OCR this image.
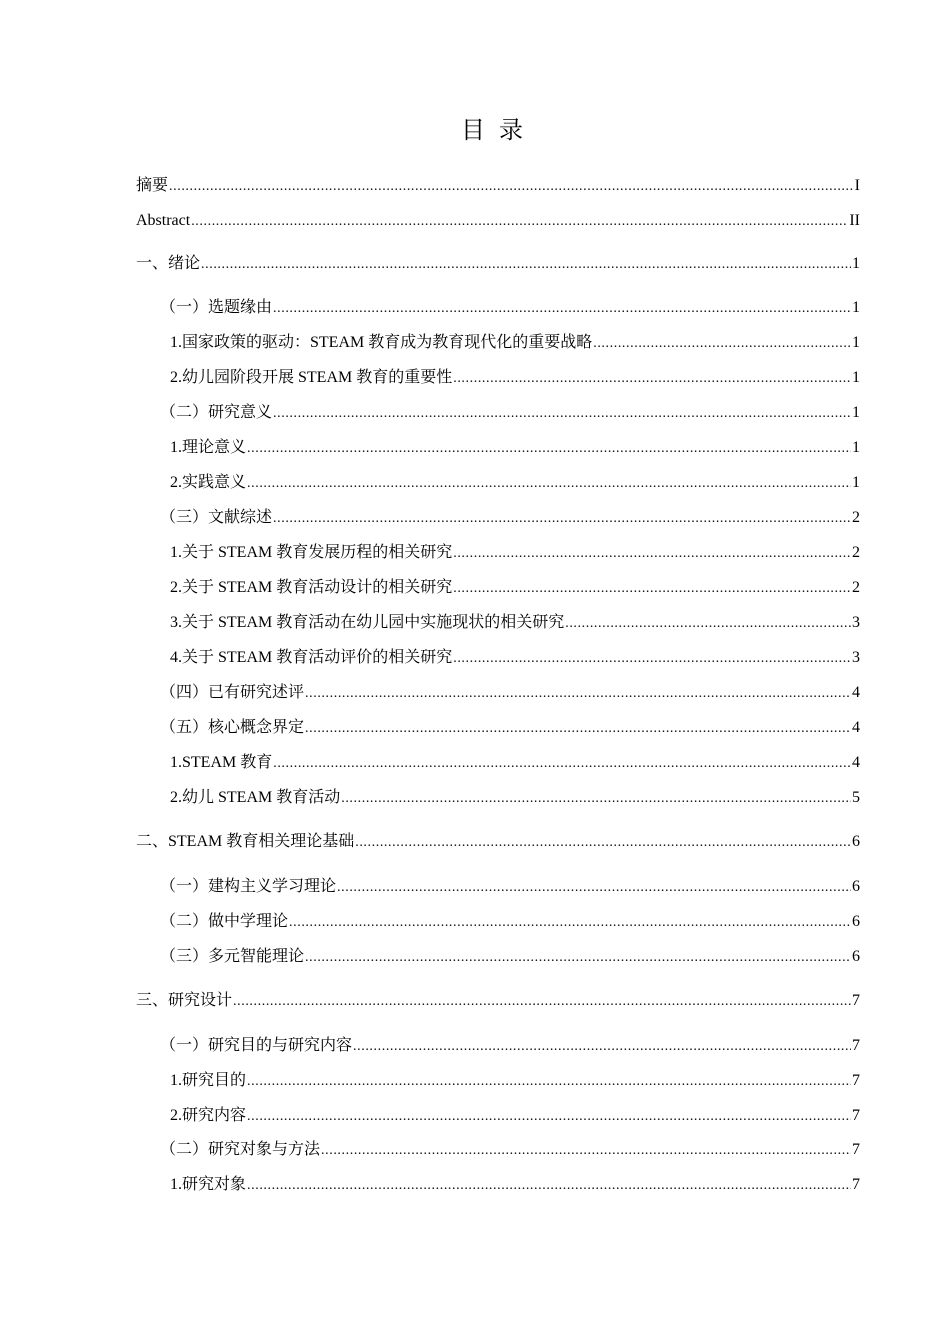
目录
摘要 .....	I
Abstract .....	II
一、绪论 .....	1
（一）选题缘由 .....	1
1.国家政策的驱动：STEAM 教育成为教育现代化的重要战略 .....	1
2.幼儿园阶段开展 STEAM 教育的重要性 .....	1
（二）研究意义 .....	1
1.理论意义 .....	1
2.实践意义 .....	1
（三）文献综述 .....	2
1.关于 STEAM 教育发展历程的相关研究 .....	2
2.关于 STEAM 教育活动设计的相关研究 .....	2
3.关于 STEAM 教育活动在幼儿园中实施现状的相关研究 .....	3
4.关于 STEAM 教育活动评价的相关研究 .....	3
（四）已有研究述评 .....	4
（五）核心概念界定 .....	4
1.STEAM 教育 .....	4
2.幼儿 STEAM 教育活动 .....	5
二、STEAM 教育相关理论基础 .....	6
（一）建构主义学习理论 .....	6
（二）做中学理论 .....	6
（三）多元智能理论 .....	6
三、研究设计 .....	7
（一）研究目的与研究内容 .....	7
1.研究目的 .....	7
2.研究内容 .....	7
（二）研究对象与方法 .....	7
1.研究对象 .....	7
